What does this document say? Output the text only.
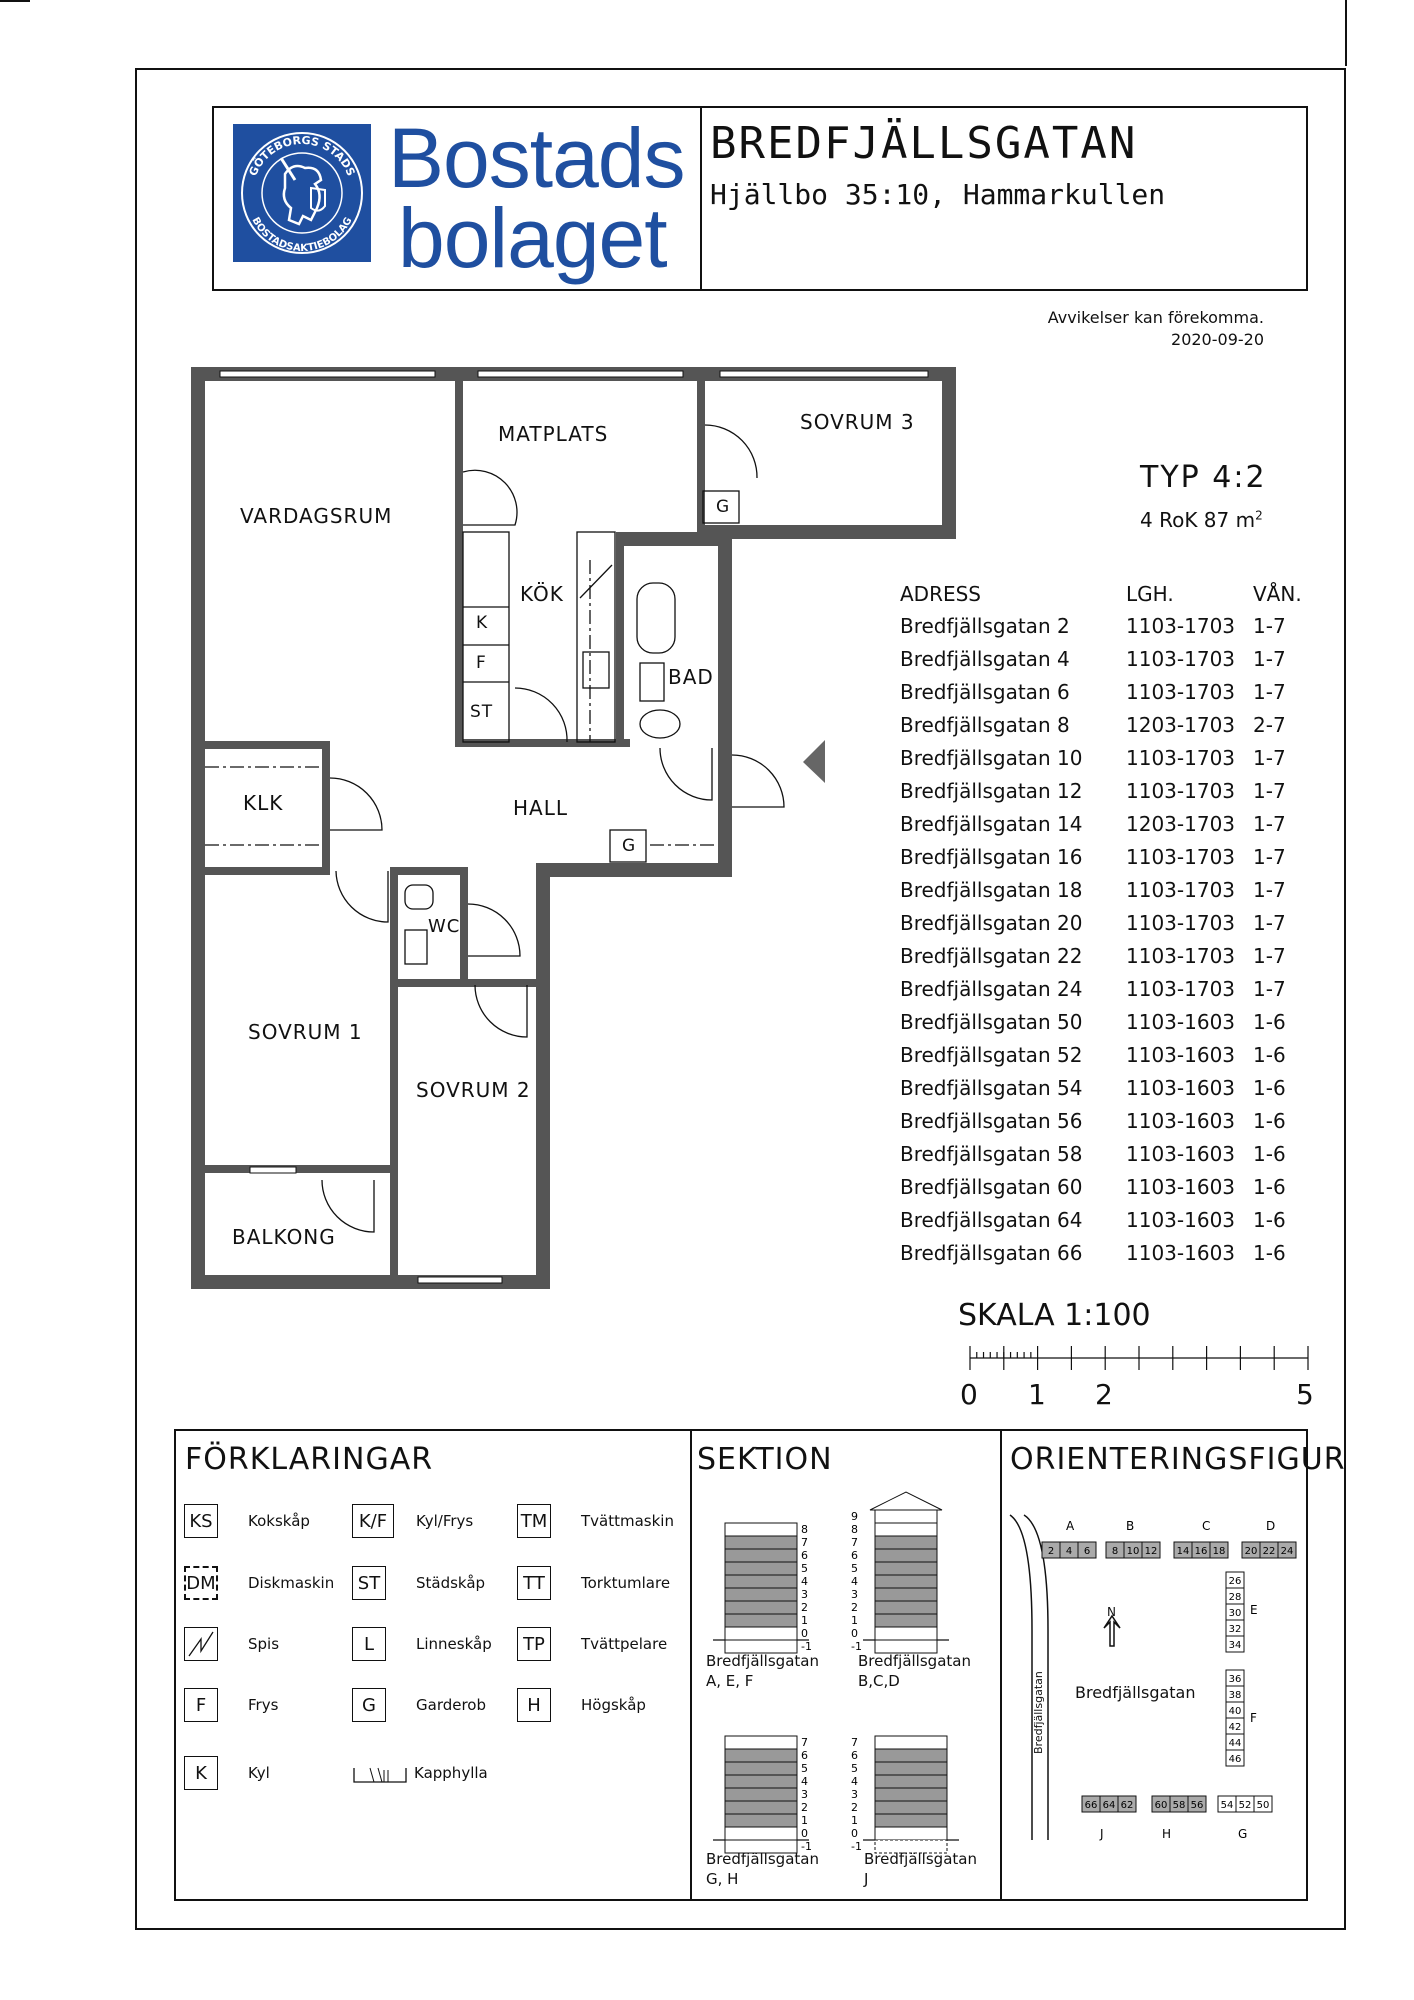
GÖTEBORGS STADS
BOSTADSAKTIEBOLAG
Bostads
bolaget
BREDFJÄLLSGATAN
Hjällbo 35:10, Hammarkullen
Avvikelser kan förekomma.
2020-09-20
TYP 4:2
4 RoK 87 $m^2$
MATPLATS	SOVRUM 3
VARDAGSRUM
KÖK
BAD
KLK	HALL
WC
SOVRUM 1
SOVRUM 2
BALKONG
K
F
ST
G
G
ADRESS	LGH.	VÅN.
Bredfjällsgatan 2	1103-1703 1-7
Bredfjällsgatan 4	1103-1703 1-7
Bredfjällsgatan 6	1103-1703 1-7
Bredfjällsgatan 8	1203-1703 2-7
Bredfjällsgatan 10 1103-1703 1-7
Bredfjällsgatan 12 1103-1703 1-7
Bredfjällsgatan 14 1203-1703 1-7
Bredfjällsgatan 16 1103-1703 1-7
Bredfjällsgatan 18 1103-1703 1-7
Bredfjällsgatan 20 1103-1703 1-7
Bredfjällsgatan 22 1103-1703 1-7
Bredfjällsgatan 24 1103-1703 1-7
Bredfjällsgatan 50 1103-1603 1-6
Bredfjällsgatan 52 1103-1603 1-6
Bredfjällsgatan 54 1103-1603 1-6
Bredfjällsgatan 56 1103-1603 1-6
Bredfjällsgatan 58 1103-1603 1-6
Bredfjällsgatan 60 1103-1603 1-6
Bredfjällsgatan 64 1103-1603 1-6
Bredfjällsgatan 66 1103-1603 1-6
SKALA 1:100
0 1 2	5
FÖRKLARINGAR
KS	Kokskåp
DM Diskmaskin
Spis
F	Frys
K	Kyl
K/F	Kyl/Frys
ST	Städskåp
L	Linneskåp
G	Garderob
Kapphylla
TM Tvättmaskin
TT	Torktumlare
TP	Tvättpelare
H	Högskåp
SEKTION
8
7
6
5
4
3
2
1
0
-1
9
8
7
6
5
4
3
2
1
0
-1
7
6
5
4
3
2
1
0
-1
7
6
5
4
3
2
1
0
-1
Bredfjällsgatan
A, E, F
Bredfjällsgatan
B,C,D
Bredfjällsgatan
G, H
Bredfjällsgatan
J
ORIENTERINGSFIGUR
2 4 6 8 10 12 14 16 18 20 22 24
A	B	C	D
26
28
30
32
34
E
36
38
40
42
44
46
F
66 64 62 60 58 56 54 52 50
J	H	G
N
Bredfjällsgatan
Bredfjällsgatan
